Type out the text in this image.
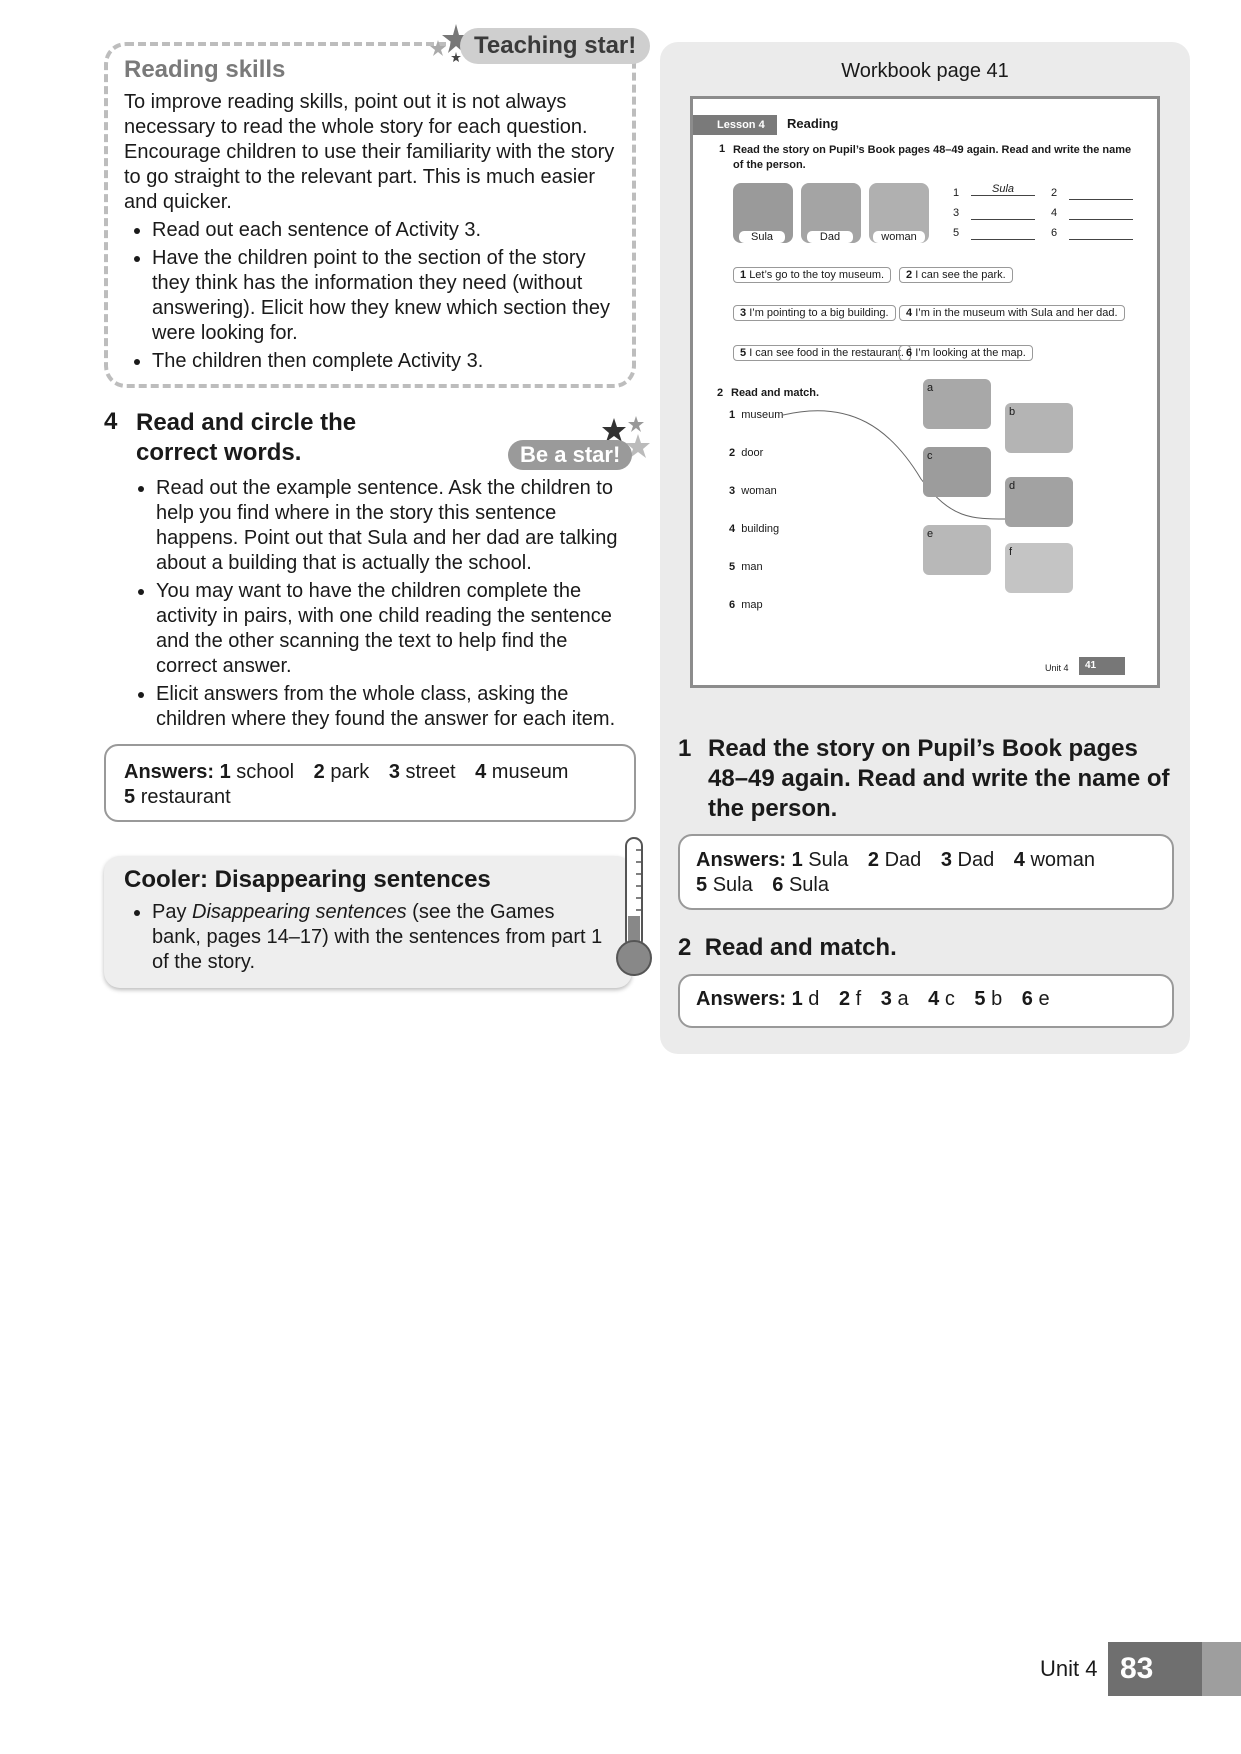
Teaching star!
Reading skills

To improve reading skills, point out it is not always necessary to read the whole story for each question. Encourage children to use their familiarity with the story to go straight to the relevant part. This is much easier and quicker.

• Read out each sentence of Activity 3.
• Have the children point to the section of the story they think has the information they need (without answering). Elicit how they knew which section they were looking for.
• The children then complete Activity 3.
4 Read and circle the correct words.	Be a star!
• Read out the example sentence. Ask the children to help you find where in the story this sentence happens. Point out that Sula and her dad are talking about a building that is actually the school.
• You may want to have the children complete the activity in pairs, with one child reading the sentence and the other scanning the text to help find the correct answer.
• Elicit answers from the whole class, asking the children where they found the answer for each item.
Answers: 1 school 2 park 3 street 4 museum
5 restaurant
Cooler: Disappearing sentences
• Pay Disappearing sentences (see the Games bank, pages 14–17) with the sentences from part 1 of the story.
Workbook page 41
Lesson 4	Reading
1 Read the story on Pupil’s Book pages 48–49 again. Read and write the name of the person.
Sula	Dad	woman
1	Sula	2
3	4
5	6
1 Let’s go to the toy museum.	2 I can see the park.
3 I’m pointing to a big building.	4 I’m in the museum with Sula and her dad.
5 I can see food in the restaurant. 6 I’m looking at the map.
2 Read and match.
1 museum
2 door
3 woman
4 building
5 man
6 map
a
b
c
d
e
f
Unit 4	41
1 Read the story on Pupil’s Book pages 48–49 again. Read and write the name of the person.
Answers: 1 Sula 2 Dad 3 Dad 4 woman
5 Sula 6 Sula
2 Read and match.
Answers: 1 d 2 f 3 a 4 c 5 b 6 e
Unit 4 83
